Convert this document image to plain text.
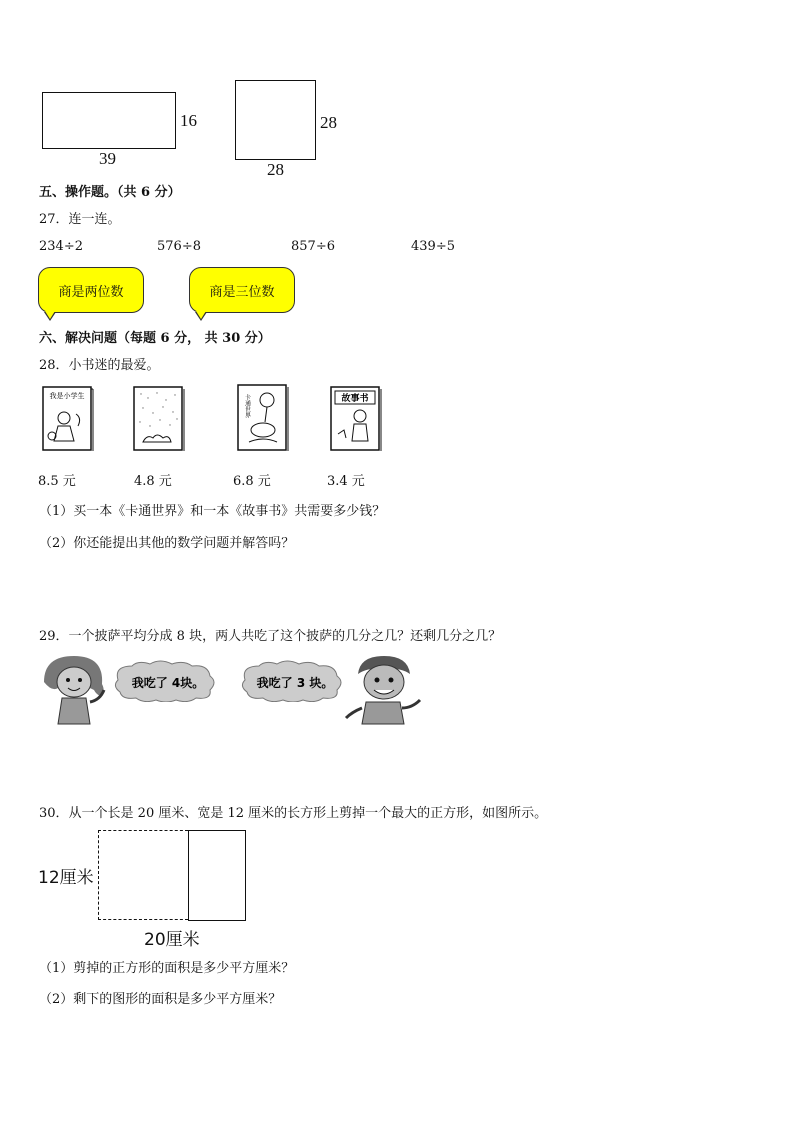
16
39
28
28
五、操作题。（共 6 分）
27．连一连。
234÷2	576÷8	857÷6	439÷5
商是两位数	商是三位数
六、解决问题（每题 6 分， 共 30 分）
28．小书迷的最爱。
我是小学生	卡通世界	故事书
8.5 元	4.8 元	6.8 元	3.4 元
（1）买一本《卡通世界》和一本《故事书》共需要多少钱？
（2）你还能提出其他的数学问题并解答吗？
29．一个披萨平均分成 8 块，两人共吃了这个披萨的几分之几？还剩几分之几？
我吃了 4块。	我吃了 3 块。
30．从一个长是 20 厘米、宽是 12 厘米的长方形上剪掉一个最大的正方形，如图所示。
12厘米
20厘米
（1）剪掉的正方形的面积是多少平方厘米？
（2）剩下的图形的面积是多少平方厘米？
